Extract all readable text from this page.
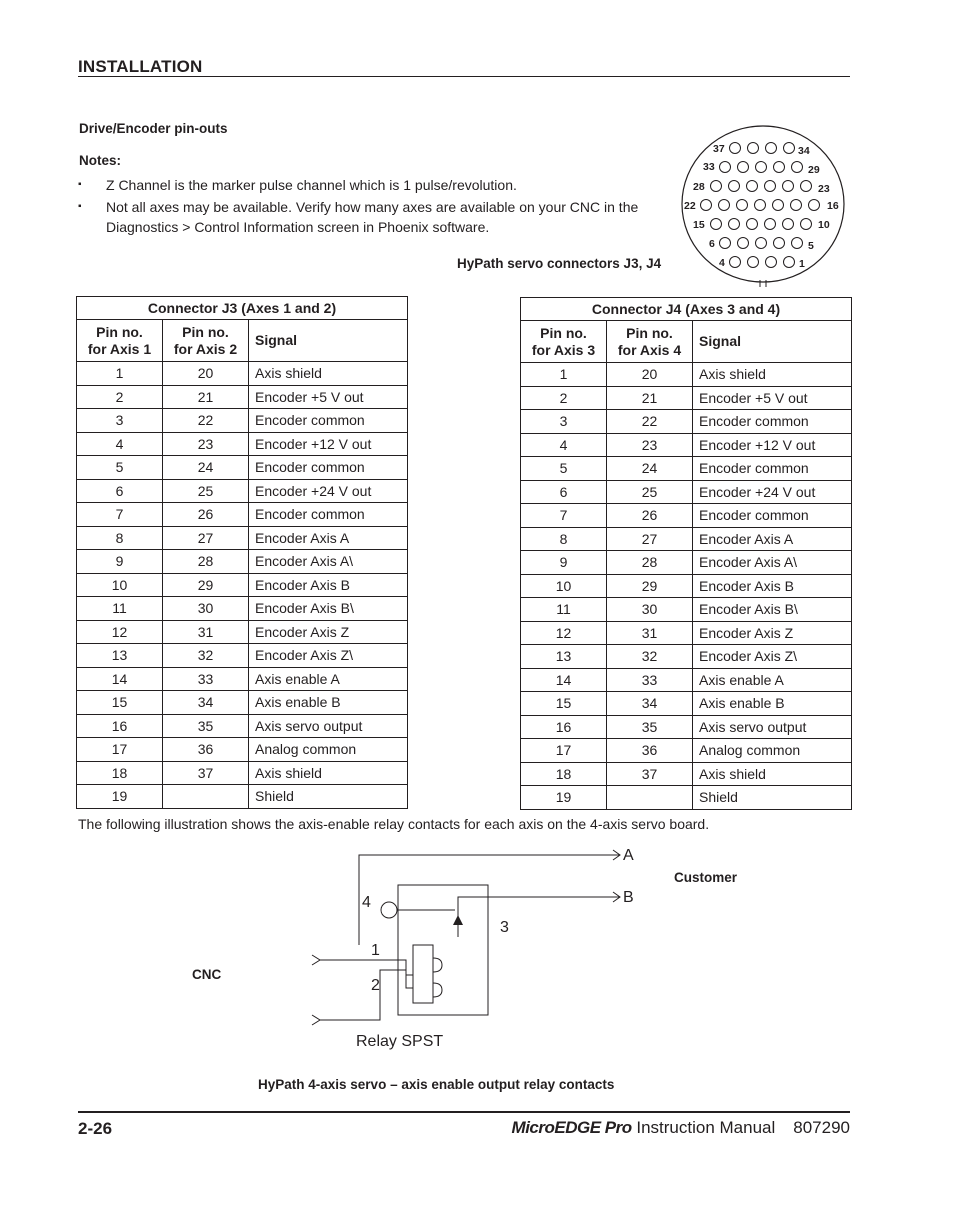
INSTALLATION
Drive/Encoder pin-outs
Notes:
▪ Z Channel is the marker pulse channel which is 1 pulse/revolution.
▪ Not all axes may be available. Verify how many axes are available on your CNC in the Diagnostics > Control Information screen in Phoenix software.
37	34
33	29
28	23
22	16
15	10
6	5
4	1
HyPath servo connectors J3, J4
Connector J3 (Axes 1 and 2)		
Pin no.
for Axis 1	Pin no.
for Axis 2	Signal
1	20	Axis shield
2	21	Encoder +5 V out
3	22	Encoder common
4	23	Encoder +12 V out
5	24	Encoder common
6	25	Encoder +24 V out
7	26	Encoder common
8	27	Encoder Axis A
9	28	Encoder Axis A\
10	29	Encoder Axis B
11	30	Encoder Axis B\
12	31	Encoder Axis Z
13	32	Encoder Axis Z\
14	33	Axis enable A
15	34	Axis enable B
16	35	Axis servo output
17	36	Analog common
18	37	Axis shield
19		Shield
Connector J4 (Axes 3 and 4)		
Pin no.
for Axis 3	Pin no.
for Axis 4	Signal
1	20	Axis shield
2	21	Encoder +5 V out
3	22	Encoder common
4	23	Encoder +12 V out
5	24	Encoder common
6	25	Encoder +24 V out
7	26	Encoder common
8	27	Encoder Axis A
9	28	Encoder Axis A\
10	29	Encoder Axis B
11	30	Encoder Axis B\
12	31	Encoder Axis Z
13	32	Encoder Axis Z\
14	33	Axis enable A
15	34	Axis enable B
16	35	Axis servo output
17	36	Analog common
18	37	Axis shield
19		Shield
The following illustration shows the axis-enable relay contacts for each axis on the 4-axis servo board.
A
B
4
3
1
2
Relay SPST
Customer
CNC
HyPath 4-axis servo – axis enable output relay contacts
2-26	MicroEDGE Pro Instruction Manual 807290
